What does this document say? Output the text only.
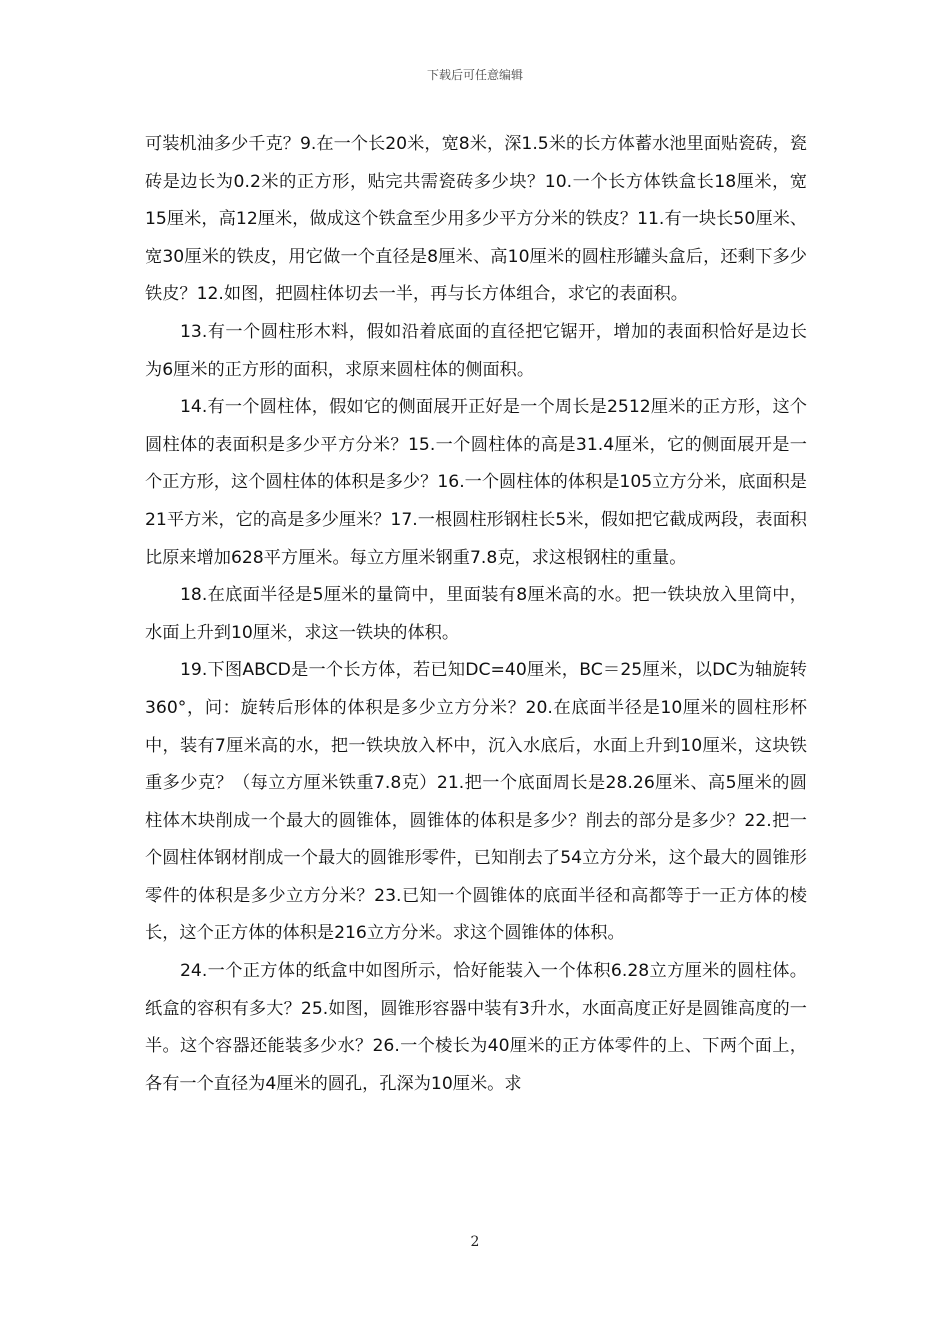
下载后可任意编辑

可装机油多少千克？9.在一个长20米，宽8米，深1.5米的长方体蓄水池里面贴瓷砖，瓷砖是边长为0.2米的正方形，贴完共需瓷砖多少块？10.一个长方体铁盒长18厘米，宽15厘米，高12厘米，做成这个铁盒至少用多少平方分米的铁皮？11.有一块长50厘米、宽30厘米的铁皮，用它做一个直径是8厘米、高10厘米的圆柱形罐头盒后，还剩下多少铁皮？12.如图，把圆柱体切去一半，再与长方体组合，求它的表面积。

13.有一个圆柱形木料，假如沿着底面的直径把它锯开，增加的表面积恰好是边长为6厘米的正方形的面积，求原来圆柱体的侧面积。

14.有一个圆柱体，假如它的侧面展开正好是一个周长是2512厘米的正方形，这个圆柱体的表面积是多少平方分米？15.一个圆柱体的高是31.4厘米，它的侧面展开是一个正方形，这个圆柱体的体积是多少？16.一个圆柱体的体积是105立方分米，底面积是21平方米，它的高是多少厘米？17.一根圆柱形钢柱长5米，假如把它截成两段，表面积比原来增加628平方厘米。每立方厘米钢重7.8克，求这根钢柱的重量。

18.在底面半径是5厘米的量筒中，里面装有8厘米高的水。把一铁块放入里筒中，水面上升到10厘米，求这一铁块的体积。

19.下图ABCD是一个长方体，若已知DC=40厘米，BC＝25厘米，以DC为轴旋转360°，问：旋转后形体的体积是多少立方分米？20.在底面半径是10厘米的圆柱形杯中，装有7厘米高的水，把一铁块放入杯中，沉入水底后，水面上升到10厘米，这块铁重多少克？（每立方厘米铁重7.8克）21.把一个底面周长是28.26厘米、高5厘米的圆柱体木块削成一个最大的圆锥体，圆锥体的体积是多少？削去的部分是多少？22.把一个圆柱体钢材削成一个最大的圆锥形零件，已知削去了54立方分米，这个最大的圆锥形零件的体积是多少立方分米？23.已知一个圆锥体的底面半径和高都等于一正方体的棱长，这个正方体的体积是216立方分米。求这个圆锥体的体积。

24.一个正方体的纸盒中如图所示，恰好能装入一个体积6.28立方厘米的圆柱体。纸盒的容积有多大？25.如图，圆锥形容器中装有3升水，水面高度正好是圆锥高度的一半。这个容器还能装多少水？26.一个棱长为40厘米的正方体零件的上、下两个面上，各有一个直径为4厘米的圆孔，孔深为10厘米。求

2
